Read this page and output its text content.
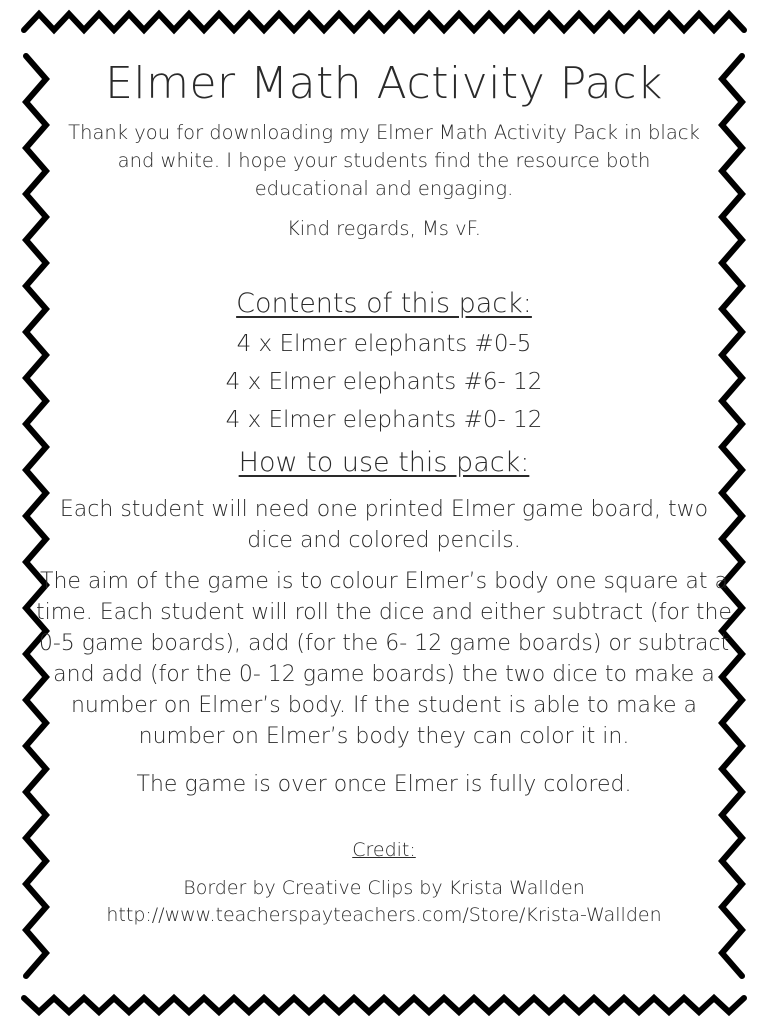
Elmer Math Activity Pack

Thank you for downloading my Elmer Math Activity Pack in black and white. I hope your students find the resource both educational and engaging.

Kind regards, Ms vF.

Contents of this pack:
4 x Elmer elephants #0-5
4 x Elmer elephants #6- 12
4 x Elmer elephants #0- 12
How to use this pack:

Each student will need one printed Elmer game board, two dice and colored pencils.

The aim of the game is to colour Elmer’s body one square at a time. Each student will roll the dice and either subtract (for the 0-5 game boards), add (for the 6- 12 game boards) or subtract and add (for the 0- 12 game boards) the two dice to make a number on Elmer’s body. If the student is able to make a number on Elmer’s body they can color it in.

The game is over once Elmer is fully colored.

Credit:
Border by Creative Clips by Krista Wallden
http://www.teacherspayteachers.com/Store/Krista-Wallden
